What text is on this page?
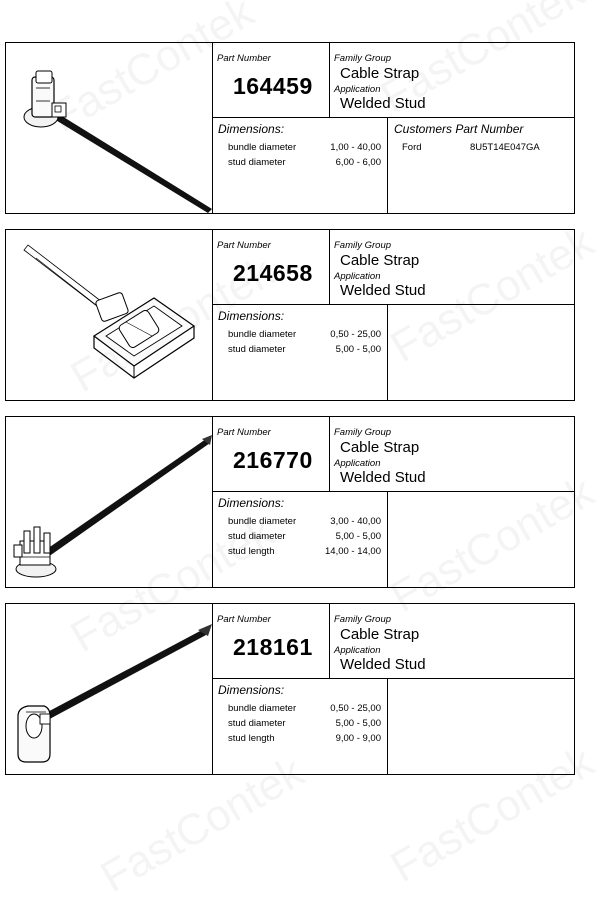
Part Number
164459
Family Group
Cable Strap
Application
Welded Stud
Dimensions:
bundle diameter	1,00 - 40,00
stud diameter	6,00 - 6,00
Customers Part Number
Ford	8U5T14E047GA
Part Number
214658
Family Group
Cable Strap
Application
Welded Stud
Dimensions:
bundle diameter	0,50 - 25,00
stud diameter	5,00 - 5,00
Part Number
216770
Family Group
Cable Strap
Application
Welded Stud
Dimensions:
bundle diameter	3,00 - 40,00
stud diameter	5,00 - 5,00
stud length	14,00 - 14,00
Part Number
218161
Family Group
Cable Strap
Application
Welded Stud
Dimensions:
bundle diameter	0,50 - 25,00
stud diameter	5,00 - 5,00
stud length	9,00 - 9,00
